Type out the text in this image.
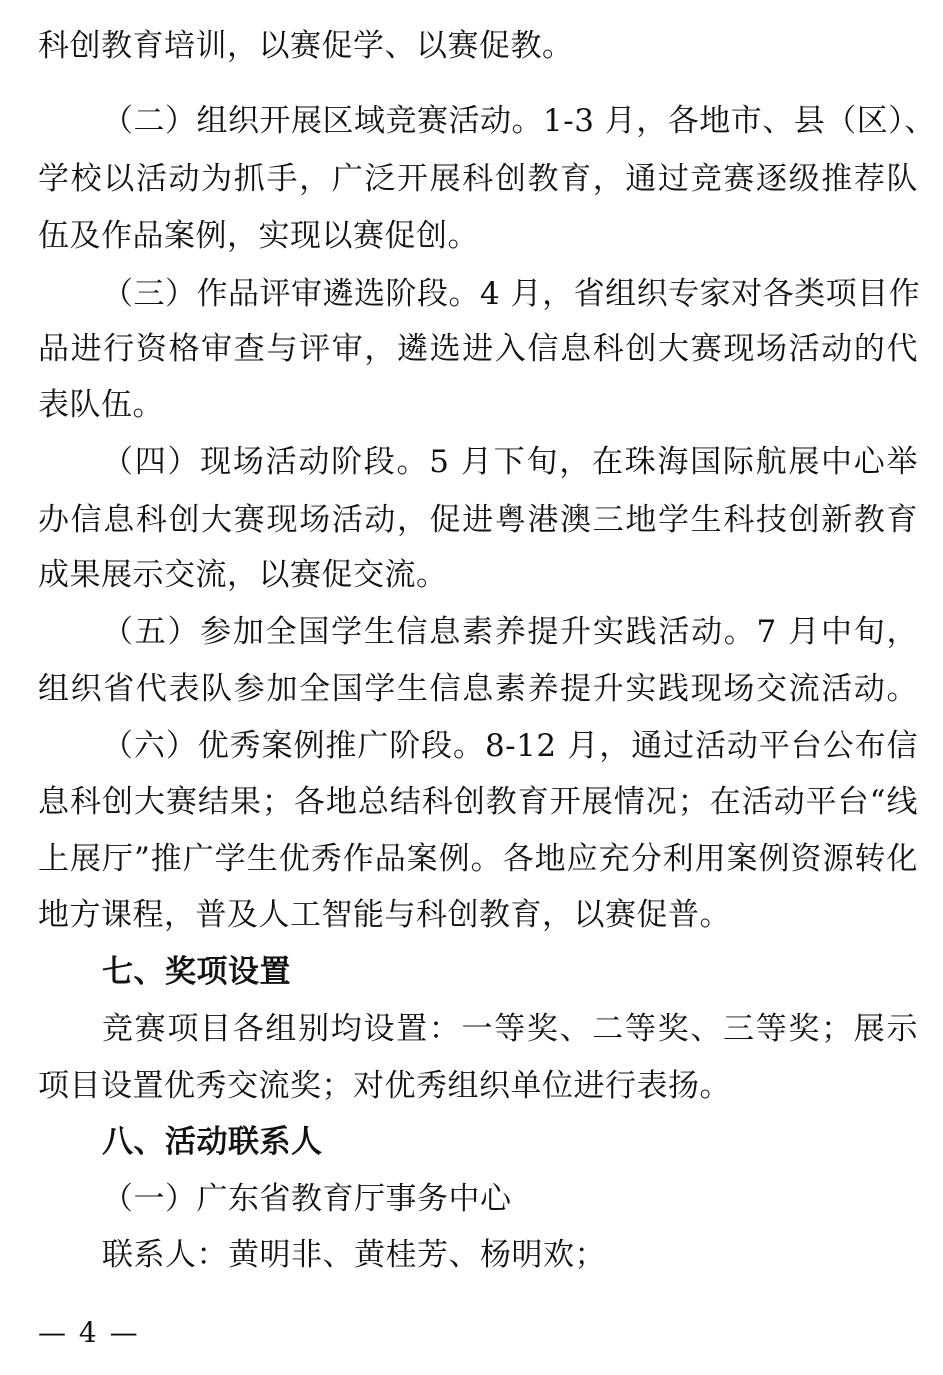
科创教育培训，以赛促学、以赛促教。
（二）组织开展区域竞赛活动。1-3 月，各地市、县（区）、
学校以活动为抓手，广泛开展科创教育，通过竞赛逐级推荐队
伍及作品案例，实现以赛促创。
（三）作品评审遴选阶段。4 月，省组织专家对各类项目作
品进行资格审查与评审，遴选进入信息科创大赛现场活动的代
表队伍。
（四）现场活动阶段。5 月下旬，在珠海国际航展中心举
办信息科创大赛现场活动，促进粤港澳三地学生科技创新教育
成果展示交流，以赛促交流。
（五）参加全国学生信息素养提升实践活动。7 月中旬，
组织省代表队参加全国学生信息素养提升实践现场交流活动。
（六）优秀案例推广阶段。8-12 月，通过活动平台公布信
息科创大赛结果；各地总结科创教育开展情况；在活动平台“线
上展厅”推广学生优秀作品案例。各地应充分利用案例资源转化
地方课程，普及人工智能与科创教育，以赛促普。
七、奖项设置
竞赛项目各组别均设置：一等奖、二等奖、三等奖；展示
项目设置优秀交流奖；对优秀组织单位进行表扬。
八、活动联系人
（一）广东省教育厅事务中心
联系人：黄明非、黄桂芳、杨明欢；
— 4 —
